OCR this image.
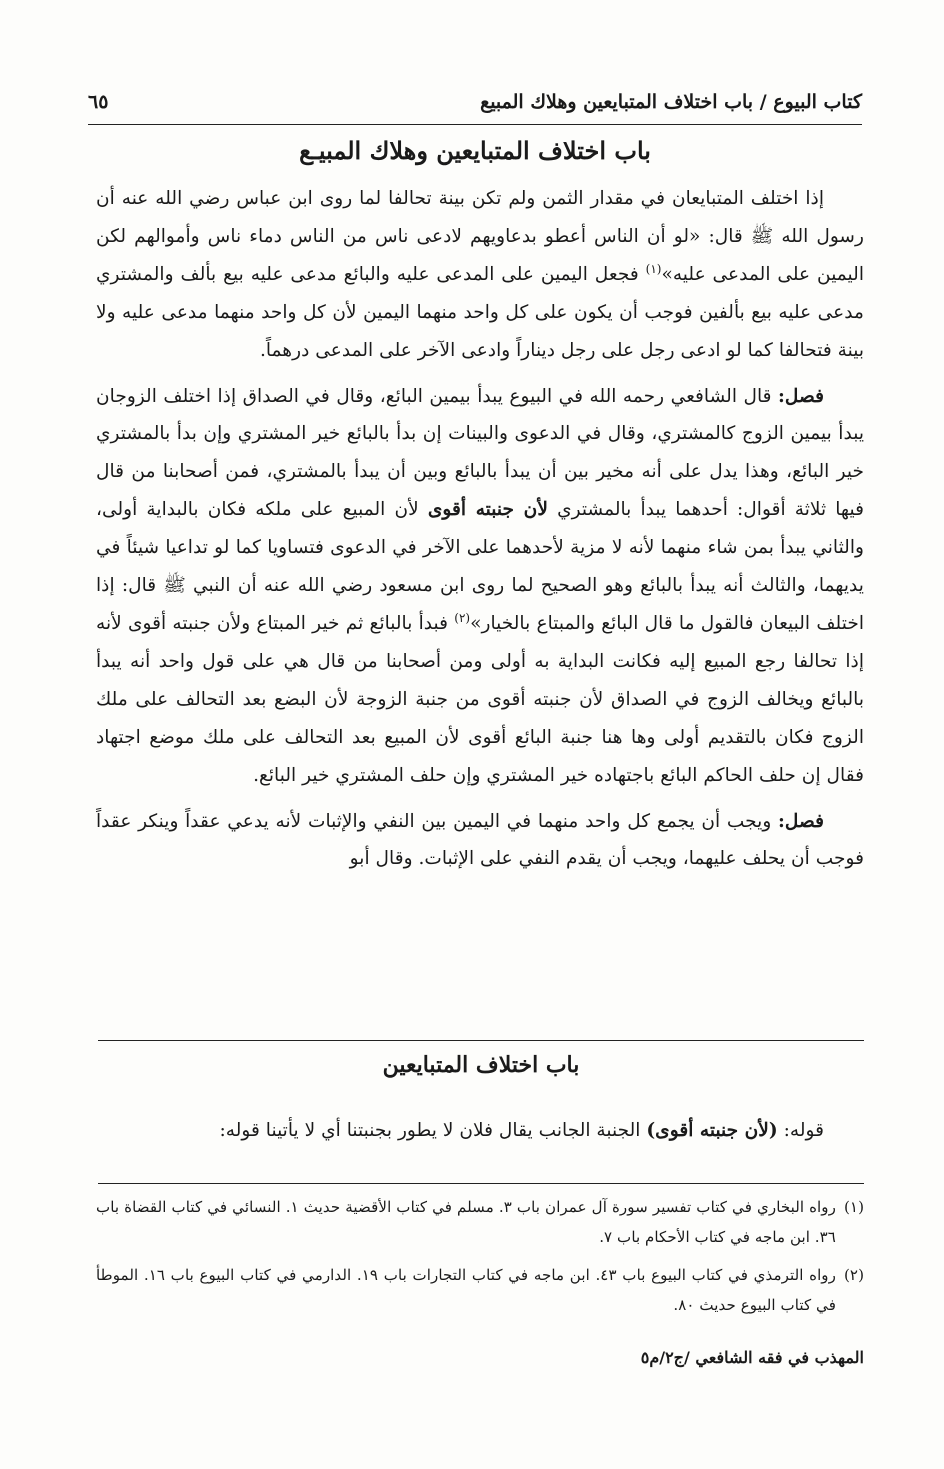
كتاب البيوع / باب اختلاف المتبايعين وهلاك المبيع
٦٥
باب اختلاف المتبايعين وهلاك المبيـع

إذا اختلف المتبايعان في مقدار الثمن ولم تكن بينة تحالفا لما روى ابن عباس رضي الله عنه أن رسول الله ﷺ قال: «لو أن الناس أعطو بدعاويهم لادعى ناس من الناس دماء ناس وأموالهم لكن اليمين على المدعى عليه»$^{(١)}$ فجعل اليمين على المدعى عليه والبائع مدعى عليه بيع بألف والمشتري مدعى عليه بيع بألفين فوجب أن يكون على كل واحد منهما اليمين لأن كل واحد منهما مدعى عليه ولا بينة فتحالفا كما لو ادعى رجل على رجل ديناراً وادعى الآخر على المدعى درهماً.

فصل: قال الشافعي رحمه الله في البيوع يبدأ بيمين البائع، وقال في الصداق إذا اختلف الزوجان يبدأ بيمين الزوج كالمشتري، وقال في الدعوى والبينات إن بدأ بالبائع خير المشتري وإن بدأ بالمشتري خير البائع، وهذا يدل على أنه مخير بين أن يبدأ بالبائع وبين أن يبدأ بالمشتري، فمن أصحابنا من قال فيها ثلاثة أقوال: أحدهما يبدأ بالمشتري لأن جنبته أقوى لأن المبيع على ملكه فكان بالبداية أولى، والثاني يبدأ بمن شاء منهما لأنه لا مزية لأحدهما على الآخر في الدعوى فتساويا كما لو تداعيا شيئاً في يديهما، والثالث أنه يبدأ بالبائع وهو الصحيح لما روى ابن مسعود رضي الله عنه أن النبي ﷺ قال: إذا اختلف البيعان فالقول ما قال البائع والمبتاع بالخيار»$^{(٢)}$ فبدأ بالبائع ثم خير المبتاع ولأن جنبته أقوى لأنه إذا تحالفا رجع المبيع إليه فكانت البداية به أولى ومن أصحابنا من قال هي على قول واحد أنه يبدأ بالبائع ويخالف الزوج في الصداق لأن جنبته أقوى من جنبة الزوجة لأن البضع بعد التحالف على ملك الزوج فكان بالتقديم أولى وها هنا جنبة البائع أقوى لأن المبيع بعد التحالف على ملك موضع اجتهاد فقال إن حلف الحاكم البائع باجتهاده خير المشتري وإن حلف المشتري خير البائع.

فصل: ويجب أن يجمع كل واحد منهما في اليمين بين النفي والإثبات لأنه يدعي عقداً وينكر عقداً فوجب أن يحلف عليهما، ويجب أن يقدم النفي على الإثبات. وقال أبو

باب اختلاف المتبايعين
قوله: (لأن جنبته أقوى) الجنبة الجانب يقال فلان لا يطور بجنبتنا أي لا يأتينا قوله:
(١)
رواه البخاري في كتاب تفسير سورة آل عمران باب ٣. مسلم في كتاب الأقضية حديث ١. النسائي في كتاب القضاة باب ٣٦. ابن ماجه في كتاب الأحكام باب ٧.
(٢)
رواه الترمذي في كتاب البيوع باب ٤٣. ابن ماجه في كتاب التجارات باب ١٩. الدارمي في كتاب البيوع باب ١٦. الموطأ في كتاب البيوع حديث ٨٠.
المهذب في فقه الشافعي /ج٢/م٥
